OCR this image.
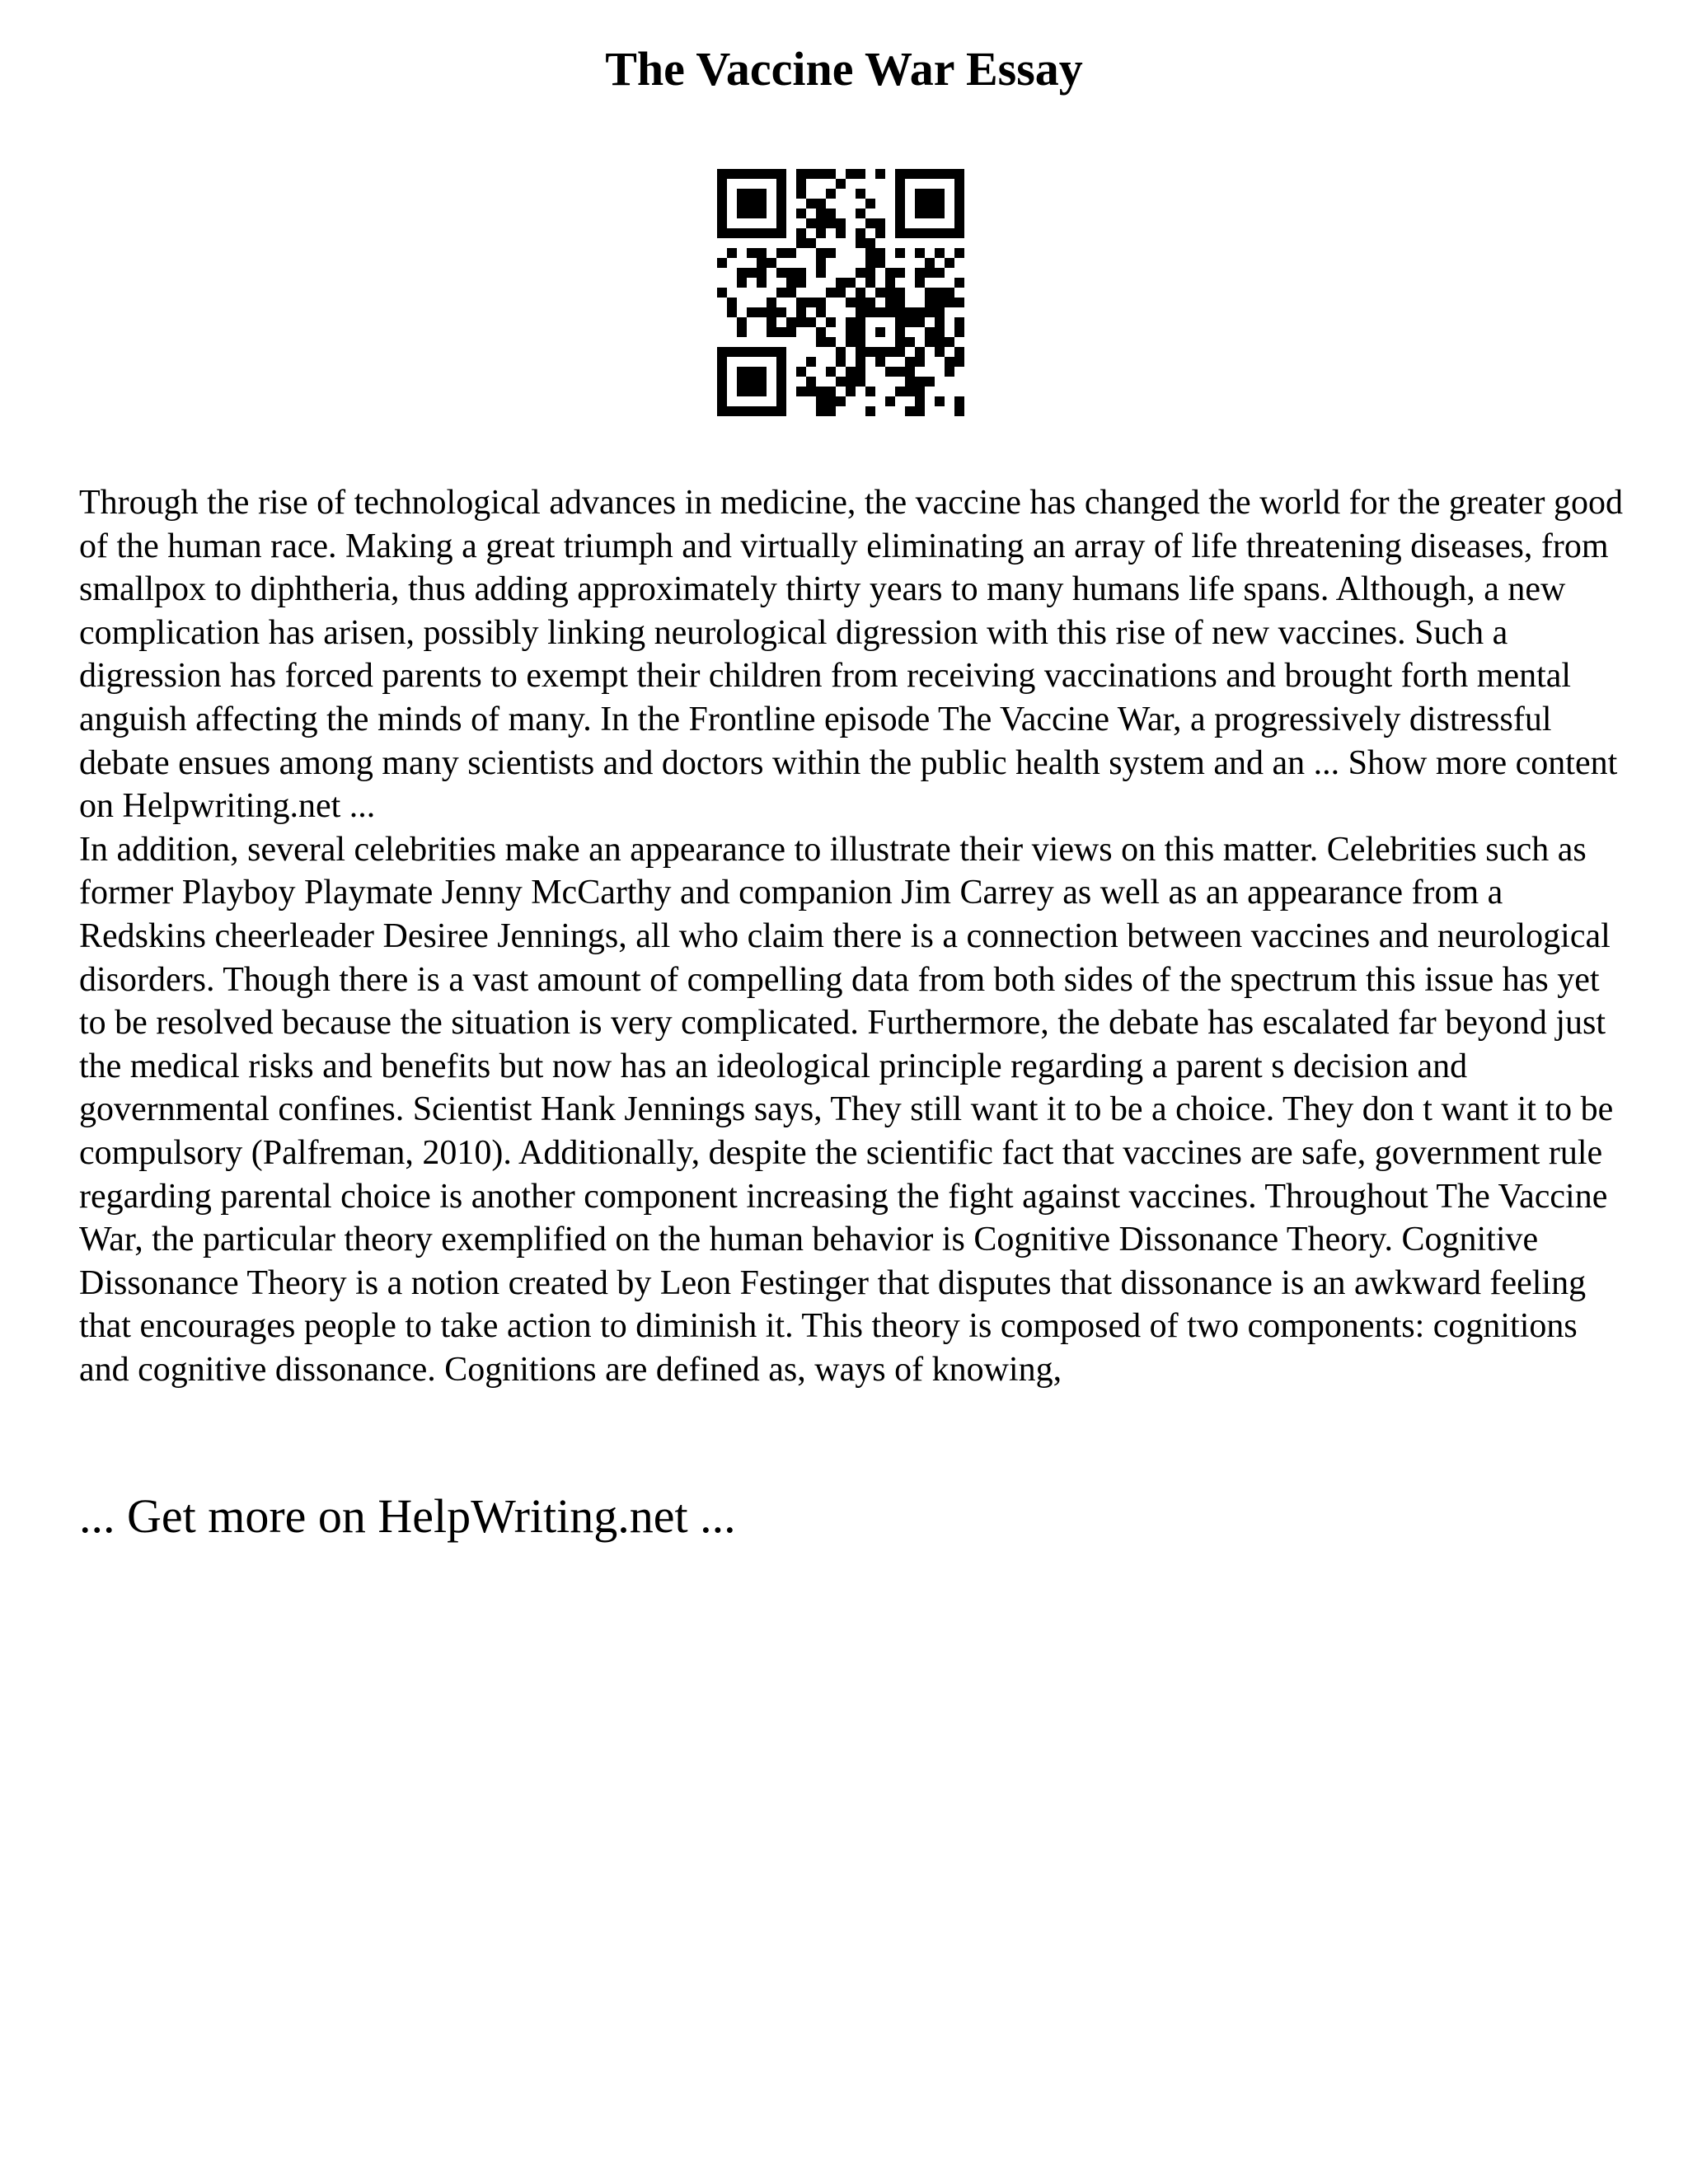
The Vaccine War Essay

Through the rise of technological advances in medicine, the vaccine has changed the world for the greater good of the human race. Making a great triumph and virtually eliminating an array of life threatening diseases, from smallpox to diphtheria, thus adding approximately thirty years to many humans life spans. Although, a new complication has arisen, possibly linking neurological digression with this rise of new vaccines. Such a digression has forced parents to exempt their children from receiving vaccinations and brought forth mental anguish affecting the minds of many. In the Frontline episode The Vaccine War, a progressively distressful debate ensues among many scientists and doctors within the public health system and an ... Show more content on Helpwriting.net ...

In addition, several celebrities make an appearance to illustrate their views on this matter. Celebrities such as former Playboy Playmate Jenny McCarthy and companion Jim Carrey as well as an appearance from a Redskins cheerleader Desiree Jennings, all who claim there is a connection between vaccines and neurological disorders. Though there is a vast amount of compelling data from both sides of the spectrum this issue has yet to be resolved because the situation is very complicated. Furthermore, the debate has escalated far beyond just the medical risks and benefits but now has an ideological principle regarding a parent s decision and governmental confines. Scientist Hank Jennings says, They still want it to be a choice. They don t want it to be compulsory (Palfreman, 2010). Additionally, despite the scientific fact that vaccines are safe, government rule regarding parental choice is another component increasing the fight against vaccines. Throughout The Vaccine War, the particular theory exemplified on the human behavior is Cognitive Dissonance Theory. Cognitive Dissonance Theory is a notion created by Leon Festinger that disputes that dissonance is an awkward feeling that encourages people to take action to diminish it. This theory is composed of two components: cognitions and cognitive dissonance. Cognitions are defined as, ways of knowing,

... Get more on HelpWriting.net ...
